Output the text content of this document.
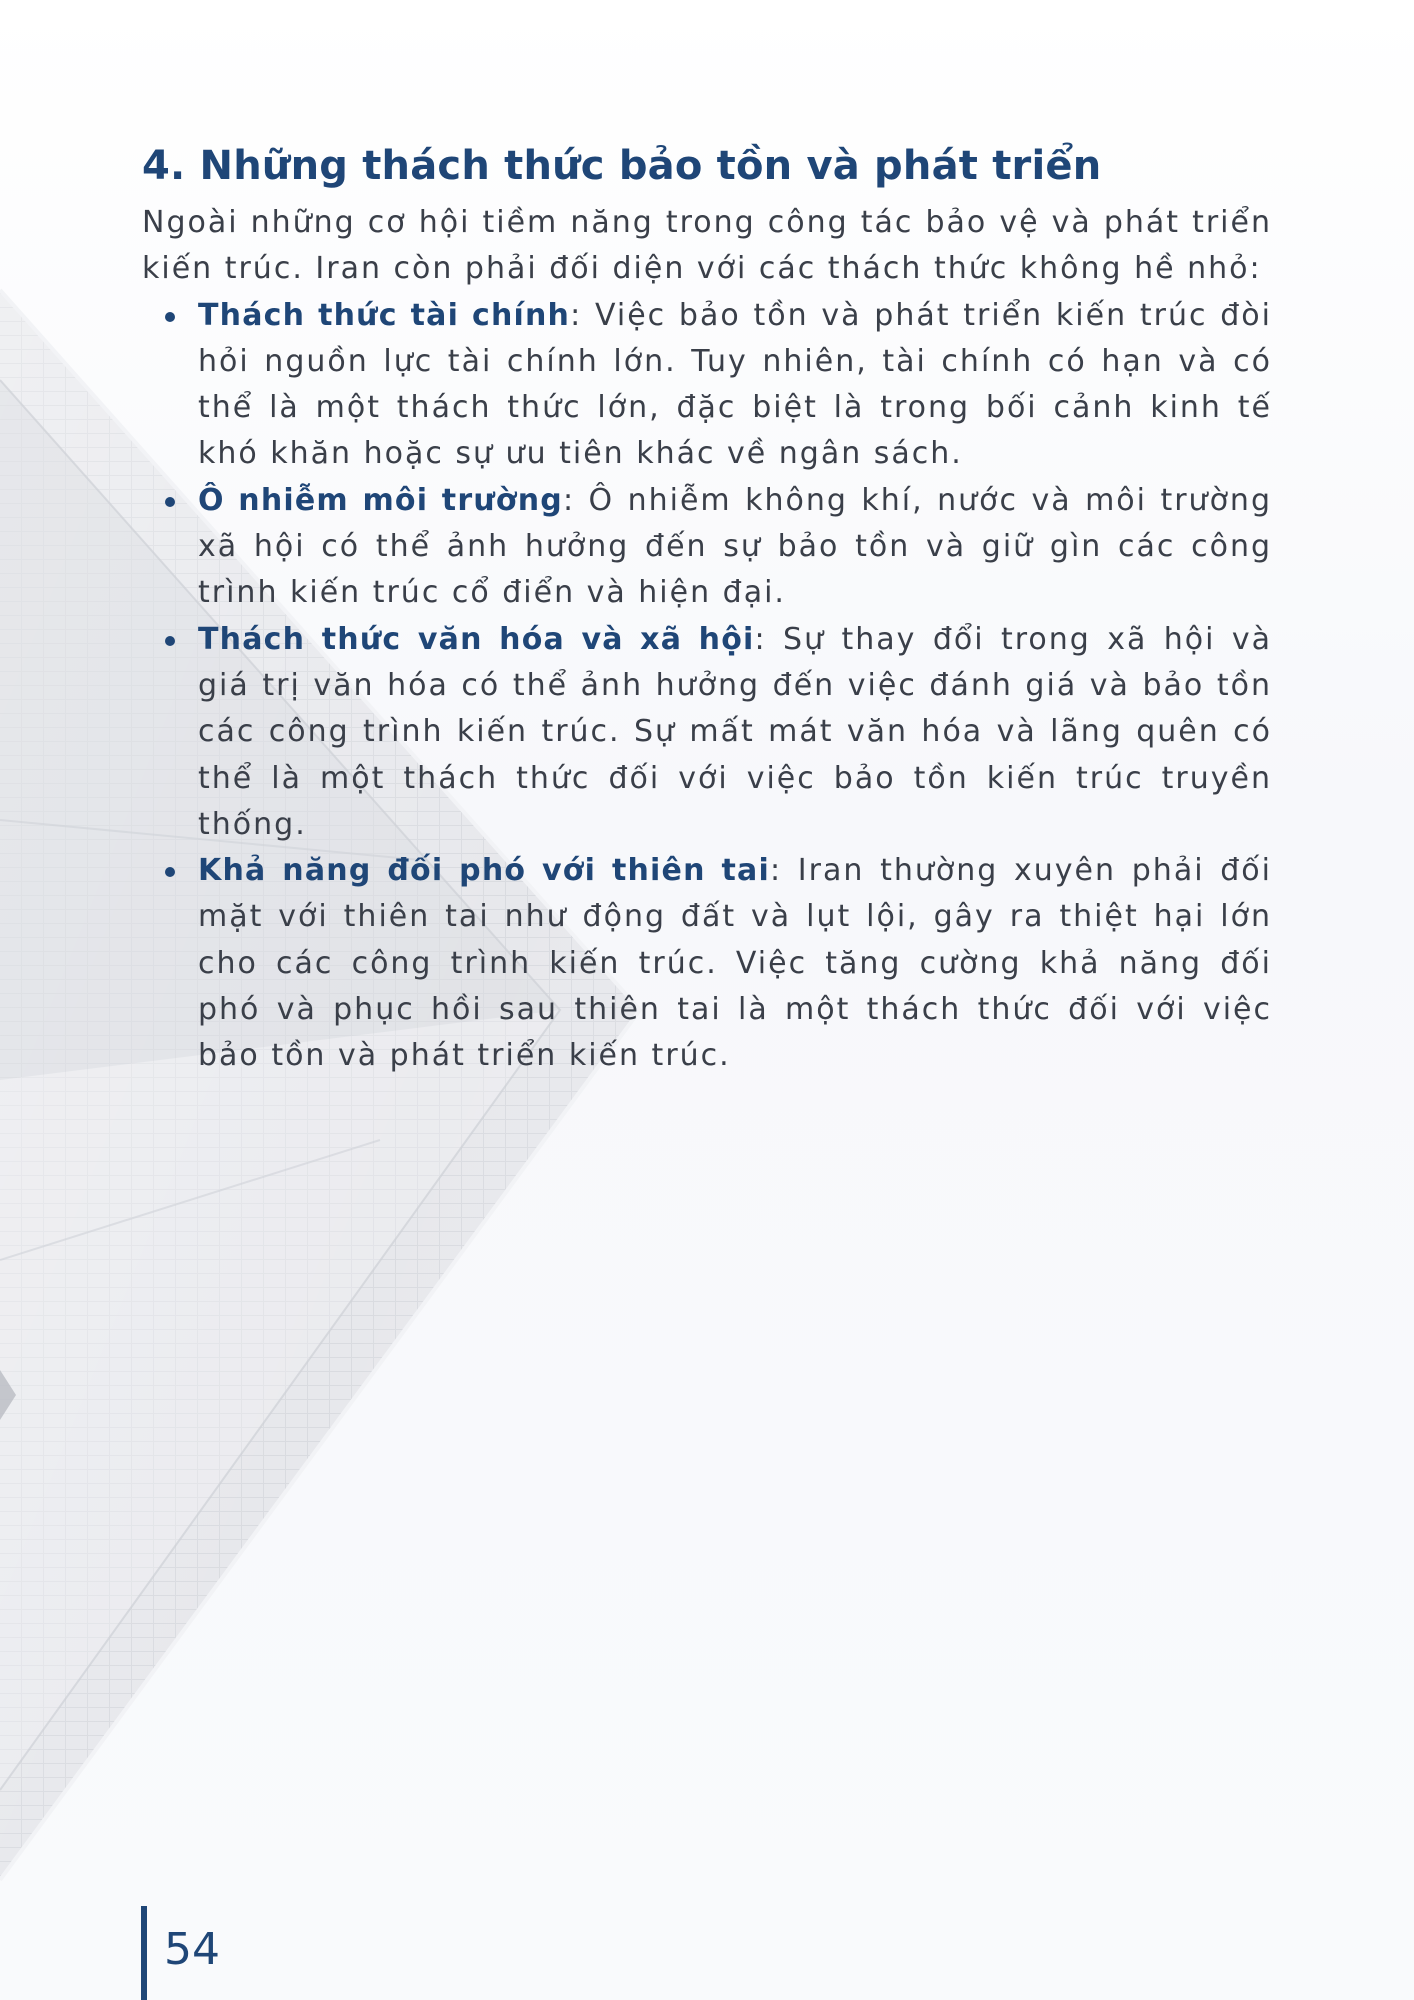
4. Những thách thức bảo tồn và phát triển

Ngoài những cơ hội tiềm năng trong công tác bảo vệ và phát triển kiến trúc. Iran còn phải đối diện với các thách thức không hề nhỏ:

Thách thức tài chính: Việc bảo tồn và phát triển kiến trúc đòi hỏi nguồn lực tài chính lớn. Tuy nhiên, tài chính có hạn và có thể là một thách thức lớn, đặc biệt là trong bối cảnh kinh tế khó khăn hoặc sự ưu tiên khác về ngân sách.
Ô nhiễm môi trường: Ô nhiễm không khí, nước và môi trường xã hội có thể ảnh hưởng đến sự bảo tồn và giữ gìn các công trình kiến trúc cổ điển và hiện đại.
Thách thức văn hóa và xã hội: Sự thay đổi trong xã hội và giá trị văn hóa có thể ảnh hưởng đến việc đánh giá và bảo tồn các công trình kiến trúc. Sự mất mát văn hóa và lãng quên có thể là một thách thức đối với việc bảo tồn kiến trúc truyền thống.
Khả năng đối phó với thiên tai: Iran thường xuyên phải đối mặt với thiên tai như động đất và lụt lội, gây ra thiệt hại lớn cho các công trình kiến trúc. Việc tăng cường khả năng đối phó và phục hồi sau thiên tai là một thách thức đối với việc bảo tồn và phát triển kiến trúc.
54
